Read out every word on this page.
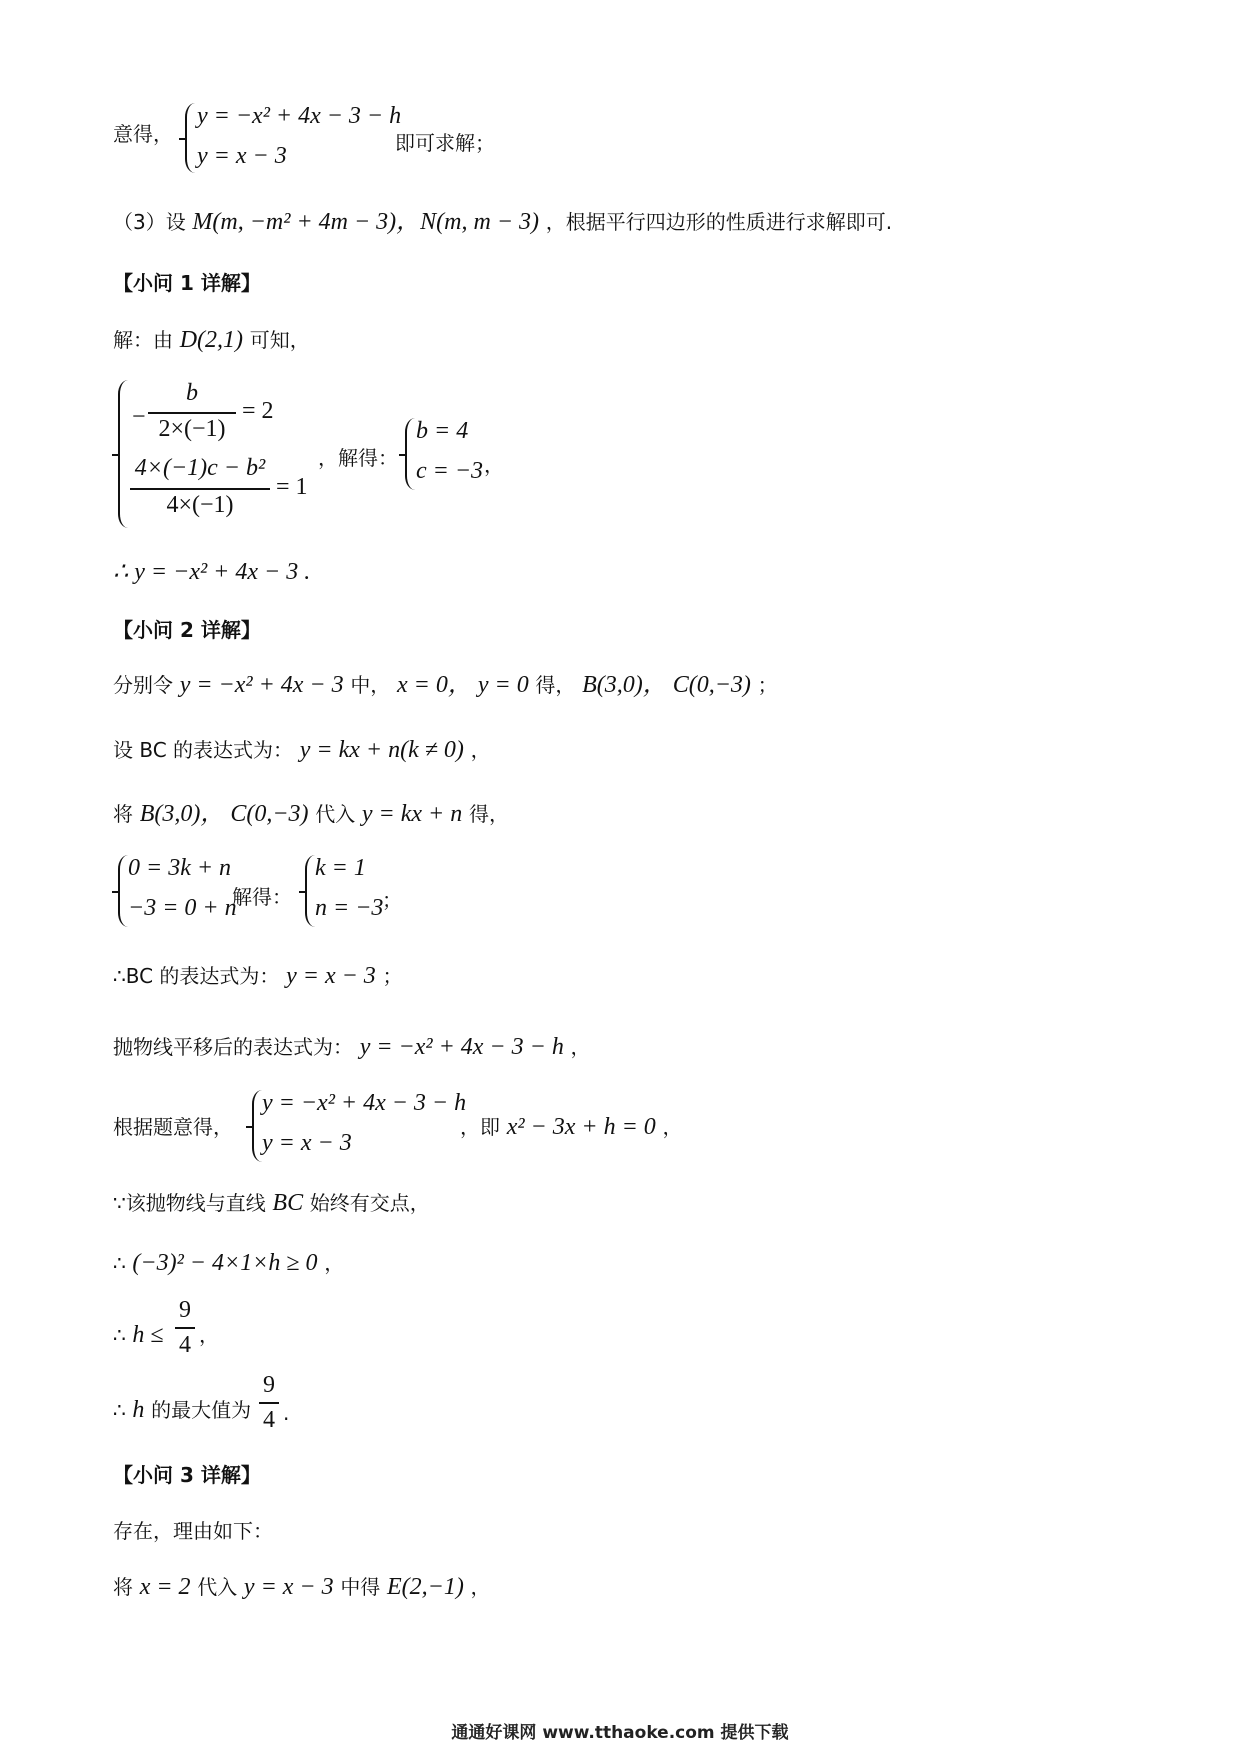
意得，
y = −x² + 4x − 3 − h
y = x − 3	即可求解；
（3）设 M(m, −m² + 4m − 3)，N(m, m − 3) ，根据平行四边形的性质进行求解即可.
【小问 1 详解】
解：由 D(2,1) 可知，
−
b
2×(−1)
= 2
4×(−1)c − b²
4×(−1)
= 1
，解得：
b = 4
c = −3 ，
∴ y = −x² + 4x − 3 .
【小问 2 详解】
分别令 y = −x² + 4x − 3 中， x = 0， y = 0 得， B(3,0)， C(0,−3) ；
设 BC 的表达式为： y = kx + n(k ≠ 0) ，
将 B(3,0)， C(0,−3) 代入 y = kx + n 得，
0 = 3k + n
−3 = 0 + n
解得：
k = 1
n = −3
；
∴BC 的表达式为： y = x − 3 ；
抛物线平移后的表达式为： y = −x² + 4x − 3 − h ，
根据题意得，
y = −x² + 4x − 3 − h
y = x − 3
，即 x² − 3x + h = 0 ，
∵该抛物线与直线 BC 始终有交点，
∴ (−3)² − 4×1×h ≥ 0 ，
∴ h ≤
9
4 ，
∴ h 的最大值为
9
4 .
【小问 3 详解】
存在，理由如下：
将 x = 2 代入 y = x − 3 中得 E(2,−1) ，
通通好课网 www.tthaoke.com 提供下载
